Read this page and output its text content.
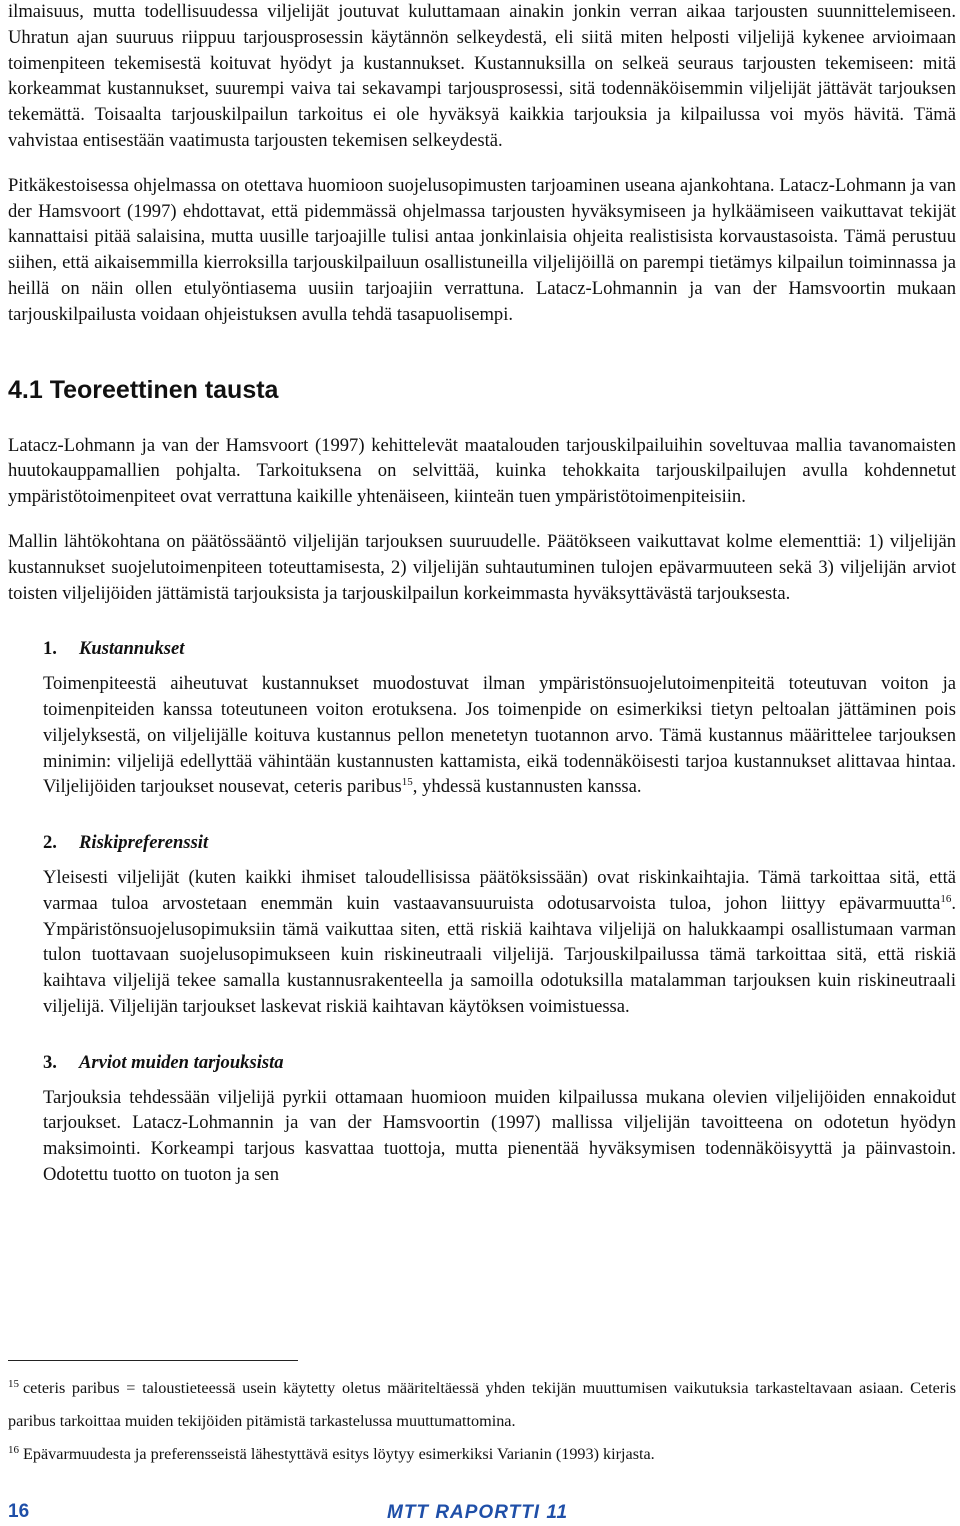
ilmaisuus, mutta todellisuudessa viljelijät joutuvat kuluttamaan ainakin jonkin verran aikaa tarjousten suunnittelemiseen. Uhratun ajan suuruus riippuu tarjousprosessin käytännön selkeydestä, eli siitä miten helposti viljelijä kykenee arvioimaan toimenpiteen tekemisestä koituvat hyödyt ja kustannukset. Kustannuksilla on selkeä seuraus tarjousten tekemiseen: mitä korkeammat kustannukset, suurempi vaiva tai sekavampi tarjousprosessi, sitä todennäköisemmin viljelijät jättävät tarjouksen tekemättä. Toisaalta tarjouskilpailun tarkoitus ei ole hyväksyä kaikkia tarjouksia ja kilpailussa voi myös hävitä. Tämä vahvistaa entisestään vaatimusta tarjousten tekemisen selkeydestä.

Pitkäkestoisessa ohjelmassa on otettava huomioon suojelusopimusten tarjoaminen useana ajankohtana. Latacz-Lohmann ja van der Hamsvoort (1997) ehdottavat, että pidemmässä ohjelmassa tarjousten hyväksymiseen ja hylkäämiseen vaikuttavat tekijät kannattaisi pitää salaisina, mutta uusille tarjoajille tulisi antaa jonkinlaisia ohjeita realistisista korvaustasoista. Tämä perustuu siihen, että aikaisemmilla kierroksilla tarjouskilpailuun osallistuneilla viljelijöillä on parempi tietämys kilpailun toiminnassa ja heillä on näin ollen etulyöntiasema uusiin tarjoajiin verrattuna. Latacz-Lohmannin ja van der Hamsvoortin mukaan tarjouskilpailusta voidaan ohjeistuksen avulla tehdä tasapuolisempi.

4.1 Teoreettinen tausta

Latacz-Lohmann ja van der Hamsvoort (1997) kehittelevät maatalouden tarjouskilpailuihin soveltuvaa mallia tavanomaisten huutokauppamallien pohjalta. Tarkoituksena on selvittää, kuinka tehokkaita tarjouskilpailujen avulla kohdennetut ympäristötoimenpiteet ovat verrattuna kaikille yhtenäiseen, kiinteän tuen ympäristötoimenpiteisiin.

Mallin lähtökohtana on päätössääntö viljelijän tarjouksen suuruudelle. Päätökseen vaikuttavat kolme elementtiä: 1) viljelijän kustannukset suojelutoimenpiteen toteuttamisesta, 2) viljelijän suhtautuminen tulojen epävarmuuteen sekä 3) viljelijän arviot toisten viljelijöiden jättämistä tarjouksista ja tarjouskilpailun korkeimmasta hyväksyttävästä tarjouksesta.

1. Kustannukset

Toimenpiteestä aiheutuvat kustannukset muodostuvat ilman ympäristönsuojelutoimenpiteitä toteutuvan voiton ja toimenpiteiden kanssa toteutuneen voiton erotuksena. Jos toimenpide on esimerkiksi tietyn peltoalan jättäminen pois viljelyksestä, on viljelijälle koituva kustannus pellon menetetyn tuotannon arvo. Tämä kustannus määrittelee tarjouksen minimin: viljelijä edellyttää vähintään kustannusten kattamista, eikä todennäköisesti tarjoa kustannukset alittavaa hintaa. Viljelijöiden tarjoukset nousevat, ceteris paribus$^{15}$, yhdessä kustannusten kanssa.

2. Riskipreferenssit

Yleisesti viljelijät (kuten kaikki ihmiset taloudellisissa päätöksissään) ovat riskinkaihtajia. Tämä tarkoittaa sitä, että varmaa tuloa arvostetaan enemmän kuin vastaavansuuruista odotusarvoista tuloa, johon liittyy epävarmuutta$^{16}$. Ympäristönsuojelusopimuksiin tämä vaikuttaa siten, että riskiä kaihtava viljelijä on halukkaampi osallistumaan varman tulon tuottavaan suojelusopimukseen kuin riskineutraali viljelijä. Tarjouskilpailussa tämä tarkoittaa sitä, että riskiä kaihtava viljelijä tekee samalla kustannusrakenteella ja samoilla odotuksilla matalamman tarjouksen kuin riskineutraali viljelijä. Viljelijän tarjoukset laskevat riskiä kaihtavan käytöksen voimistuessa.

3. Arviot muiden tarjouksista

Tarjouksia tehdessään viljelijä pyrkii ottamaan huomioon muiden kilpailussa mukana olevien viljelijöiden ennakoidut tarjoukset. Latacz-Lohmannin ja van der Hamsvoortin (1997) mallissa viljelijän tavoitteena on odotetun hyödyn maksimointi. Korkeampi tarjous kasvattaa tuottoja, mutta pienentää hyväksymisen todennäköisyyttä ja päinvastoin. Odotettu tuotto on tuoton ja sen

$^{15}$ ceteris paribus = taloustieteessä usein käytetty oletus määriteltäessä yhden tekijän muuttumisen vaikutuksia tarkasteltavaan asiaan. Ceteris paribus tarkoittaa muiden tekijöiden pitämistä tarkastelussa muuttumattomina.

$^{16}$ Epävarmuudesta ja preferensseistä lähestyttävä esitys löytyy esimerkiksi Varianin (1993) kirjasta.

16	MTT RAPORTTI 11
